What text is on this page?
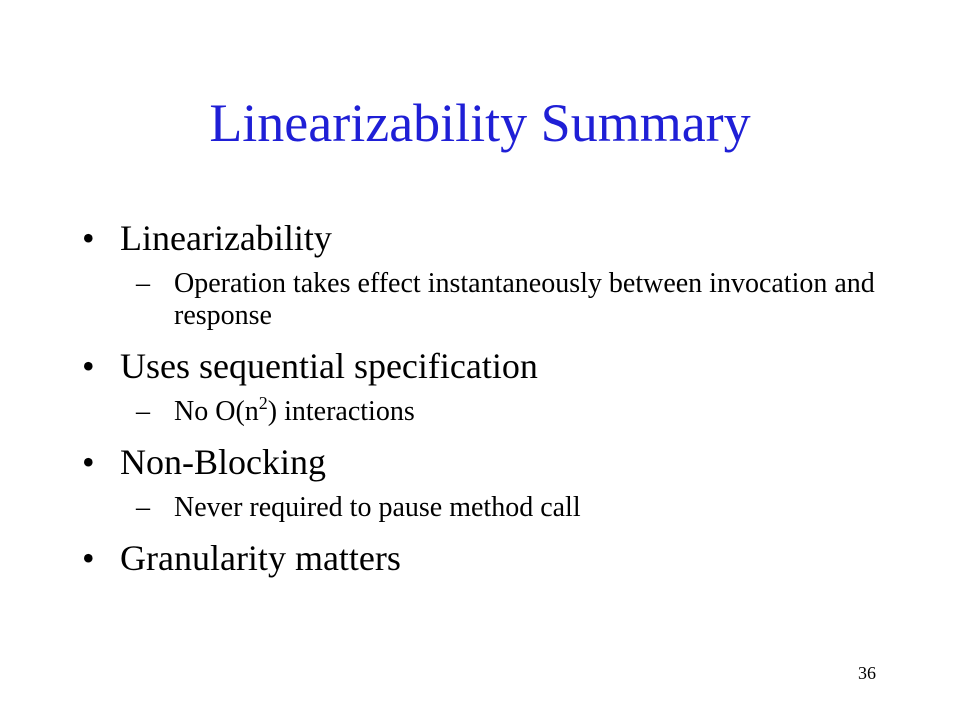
Linearizability Summary
• Linearizability
– Operation takes effect instantaneously between invocation and response
• Uses sequential specification
– No $O(n^2)$ interactions
• Non-Blocking
– Never required to pause method call
• Granularity matters
36
